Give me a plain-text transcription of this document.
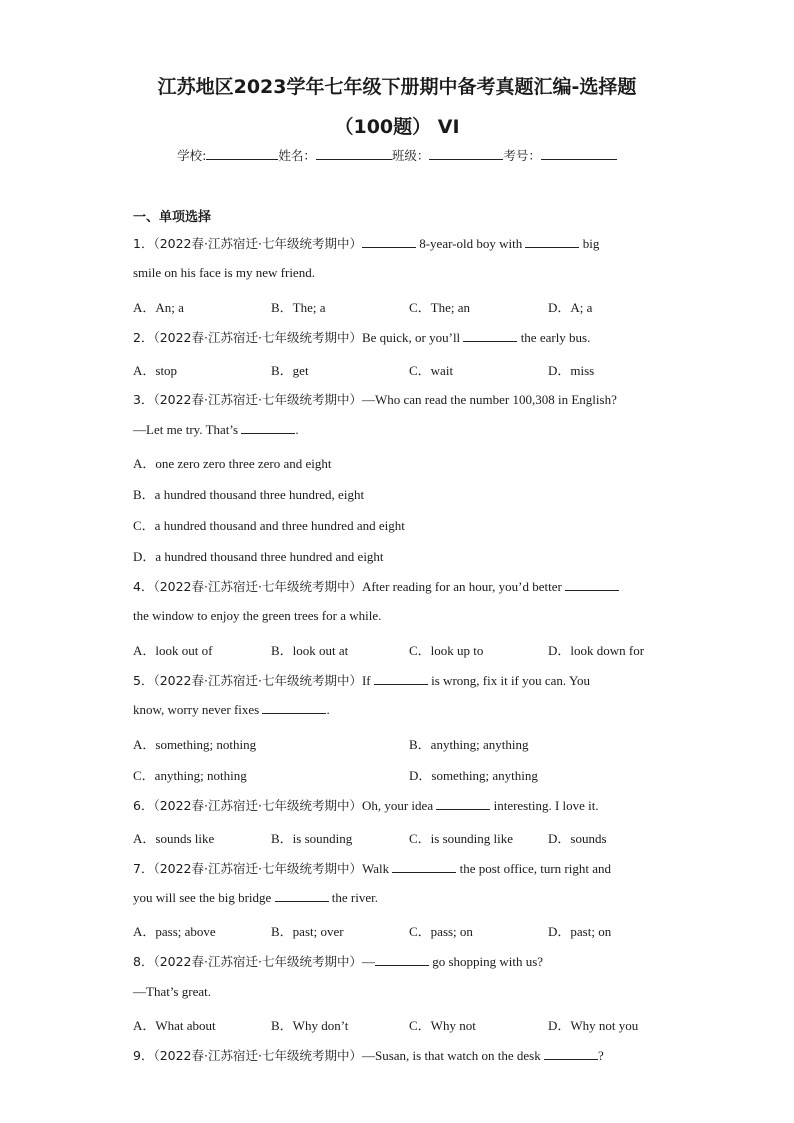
江苏地区2023学年七年级下册期中备考真题汇编-选择题
（100题） VI
学校:	姓名：	班级：	考号：
一、单项选择
1．（2022春·江苏宿迁·七年级统考期中）	8-year-old boy with	big
smile on his face is my new friend.
A．An; a	B．The; a	C．The; an	D．A; a
2．（2022春·江苏宿迁·七年级统考期中）Be quick, or you’ll	the early bus.
A．stop	B．get	C．wait	D．miss
3．（2022春·江苏宿迁·七年级统考期中）—Who can read the number 100,308 in English?
—Let me try. That’s	.
A．one zero zero three zero and eight
B．a hundred thousand three hundred, eight
C．a hundred thousand and three hundred and eight
D．a hundred thousand three hundred and eight
4．（2022春·江苏宿迁·七年级统考期中）After reading for an hour, you’d better
the window to enjoy the green trees for a while.
A．look out of	B．look out at	C．look up to	D．look down for
5．（2022春·江苏宿迁·七年级统考期中）If	is wrong, fix it if you can. You
know, worry never fixes	.
A．something; nothing	B．anything; anything
C．anything; nothing	D．something; anything
6．（2022春·江苏宿迁·七年级统考期中）Oh, your idea	interesting. I love it.
A．sounds like	B．is sounding	C．is sounding like	D．sounds
7．（2022春·江苏宿迁·七年级统考期中）Walk	the post office, turn right and
you will see the big bridge	the river.
A．pass; above	B．past; over	C．pass; on	D．past; on
8．（2022春·江苏宿迁·七年级统考期中）—	go shopping with us?
—That’s great.
A．What about	B．Why don’t	C．Why not	D．Why not you
9．（2022春·江苏宿迁·七年级统考期中）—Susan, is that watch on the desk	?
